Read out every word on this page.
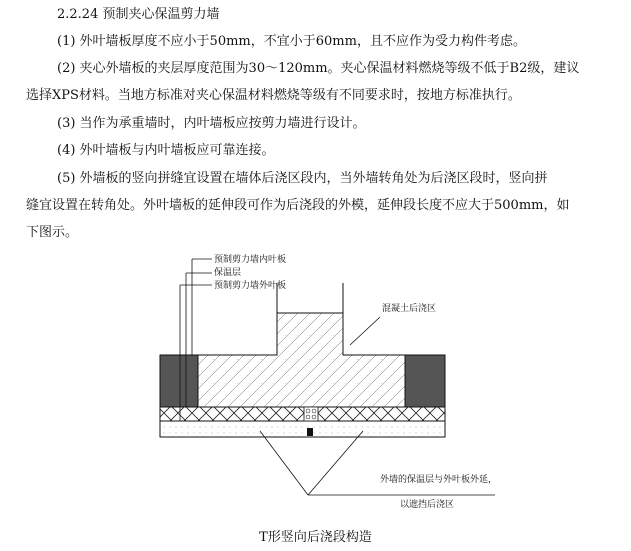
2.2.24 预制夹心保温剪力墙
(1) 外叶墙板厚度不应小于50mm，不宜小于60mm，且不应作为受力构件考虑。
(2) 夹心外墙板的夹层厚度范围为30～120mm。夹心保温材料燃烧等级不低于B2级，建议
选择XPS材料。当地方标准对夹心保温材料燃烧等级有不同要求时，按地方标准执行。
(3) 当作为承重墙时，内叶墙板应按剪力墙进行设计。
(4) 外叶墙板与内叶墙板应可靠连接。
(5) 外墙板的竖向拼缝宜设置在墙体后浇区段内，当外墙转角处为后浇区段时，竖向拼
缝宜设置在转角处。外叶墙板的延伸段可作为后浇段的外模，延伸段长度不应大于500mm，如
下图示。
预制剪力墙内叶板
保温层
预制剪力墙外叶板
混凝土后浇区
外墙的保温层与外叶板外延，
以遮挡后浇区
T形竖向后浇段构造
